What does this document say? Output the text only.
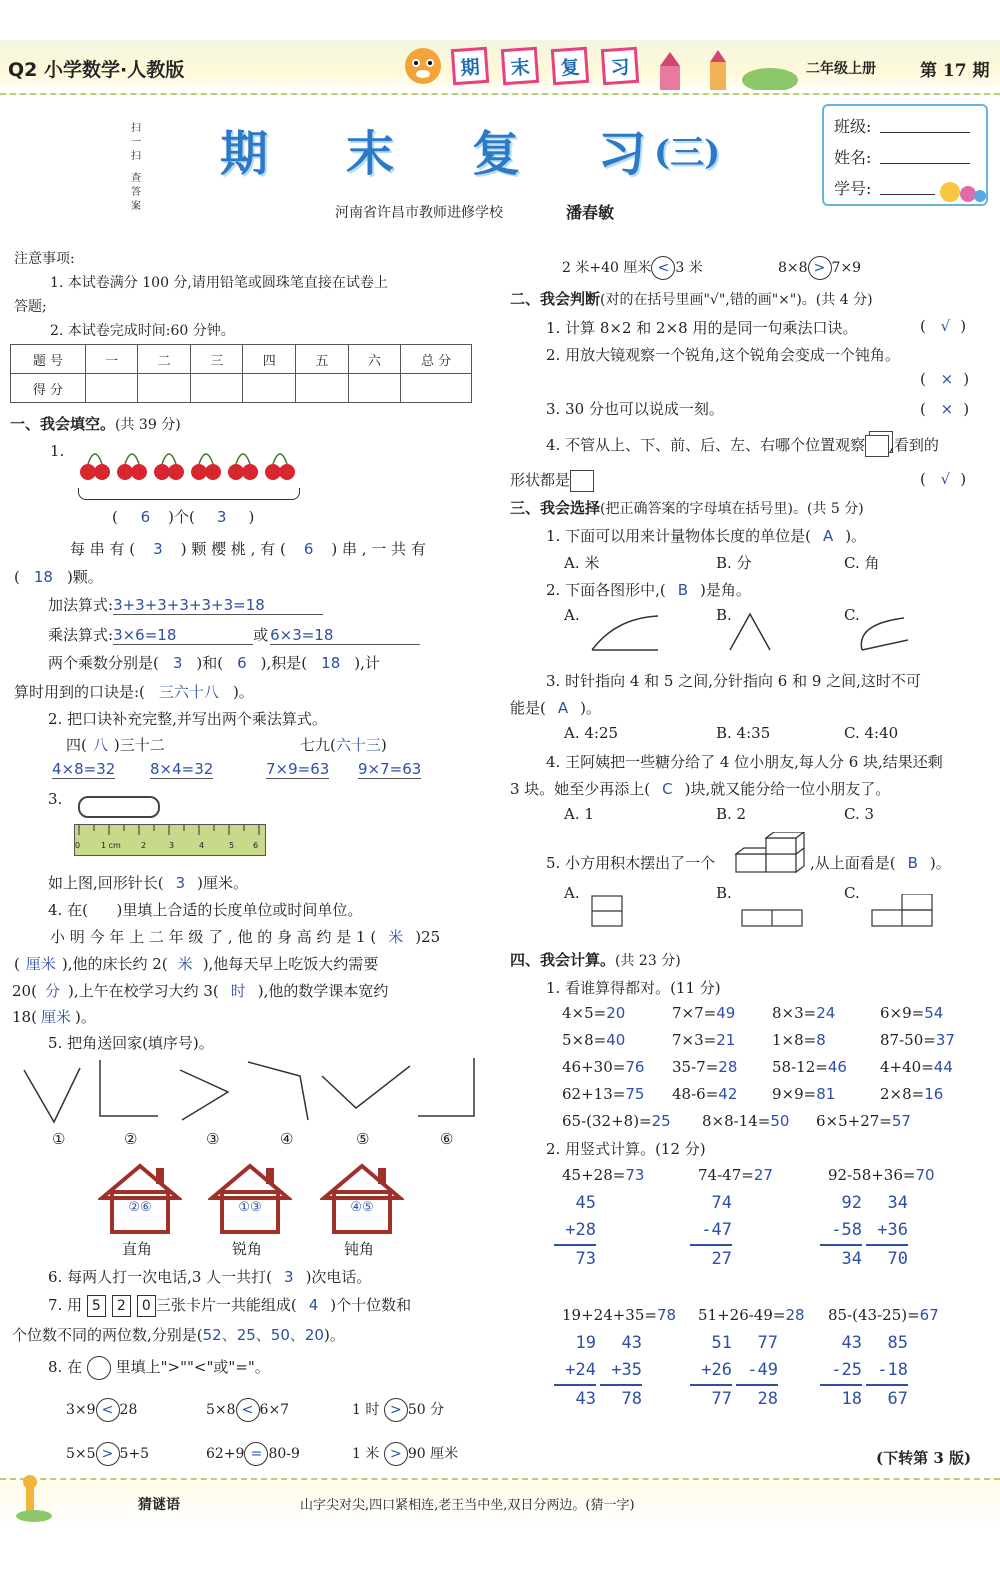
Q2 小学数学·人教版	期	末	复	习	二年级上册	第 17 期
扫
一
扫
查
答
案
期	末	复	习 (三)
河南省许昌市教师进修学校	潘春敏
班级:
姓名:
学号:
注意事项:
1. 本试卷满分 100 分,请用铅笔或圆珠笔直接在试卷上
答题;
2. 本试卷完成时间:60 分钟。
题 号	一	二	三	四	五	六	总 分
得 分							
一、我会填空。(共 39 分)
1.
( 6 )个( 3 )
每 串 有 ( 3 ) 颗 樱 桃 , 有 ( 6 ) 串 , 一 共 有
( 18 )颗。
加法算式:3+3+3+3+3+3=18
乘法算式:3×6=18	或 6×3=18
两个乘数分别是( 3 )和( 6 ),积是( 18 ),计
算时用到的口诀是:( 三六十八 )。
2. 把口诀补充完整,并写出两个乘法算式。
四( 八 )三十二	七九(六十三)
4×8=32 8×4=32	7×9=63 9×7=63
3.
0	1 cm	2	3	4	5	6
如上图,回形针长( 3 )厘米。
4. 在(      )里填上合适的长度单位或时间单位。
小 明 今 年 上 二 年 级 了 , 他 的 身 高 约 是 1 ( 米 )25
( 厘米 ),他的床长约 2( 米 ),他每天早上吃饭大约需要
20( 分 ),上午在校学习大约 3( 时 ),他的数学课本宽约
18( 厘米 )。
5. 把角送回家(填序号)。
①	②	③	④	⑤	⑥
②⑥
直角
①③
锐角
④⑤
钝角
6. 每两人打一次电话,3 人一共打( 3 )次电话。
7. 用 5 2 0 三张卡片一共能组成( 4 )个十位数和
个位数不同的两位数,分别是(52、25、50、20)。
8. 在 里填上">""<"或"="。
3×9 < 28	5×8 < 6×7	1 时 > 50 分
5×5 > 5+5	62+9 = 80-9	1 米 > 90 厘米
2 米+40 厘米 < 3 米	8×8 > 7×9
二、我会判断(对的在括号里画"√",错的画"×")。(共 4 分)
1. 计算 8×2 和 2×8 用的是同一句乘法口诀。	( √ )
2. 用放大镜观察一个锐角,这个锐角会变成一个钝角。
( × )
3. 30 分也可以说成一刻。	( × )
4. 不管从上、下、前、后、左、右哪个位置观察 ,看到的
形状都是	( √ )
三、我会选择(把正确答案的字母填在括号里)。(共 5 分)
1. 下面可以用来计量物体长度的单位是( A )。
A. 米	B. 分	C. 角
2. 下面各图形中,( B )是角。
A.	B.	C.
3. 时针指向 4 和 5 之间,分针指向 6 和 9 之间,这时不可
能是( A )。
A. 4:25	B. 4:35	C. 4:40
4. 王阿姨把一些糖分给了 4 位小朋友,每人分 6 块,结果还剩
3 块。她至少再添上( C )块,就又能分给一位小朋友了。
A. 1	B. 2	C. 3
5. 小方用积木摆出了一个	,从上面看是( B )。
A.	B.	C.
四、我会计算。(共 23 分)
1. 看谁算得都对。(11 分)
4×5=20	7×7=49 8×3=24	6×9=54
5×8=40	7×3=21 1×8=8	87-50=37
46+30=76 35-7=28 58-12=46 4+40=44
62+13=75 48-6=42 9×9=81	2×8=16
65-(32+8)=25 8×8-14=50 6×5+27=57
2. 用竖式计算。(12 分)
45+28=73
45
+28
73
74-47=27
74
-47
27
92-58+36=70
92
-58
34
34
+36
70
19+24+35=78
19
+24
43
43
+35
78
51+26-49=28
51
+26
77
77
-49
28
85-(43-25)=67
43
-25
18
85
-18
67
(下转第 3 版)
猜谜语	山字尖对尖,四口紧相连,老王当中坐,双日分两边。(猜一字)
